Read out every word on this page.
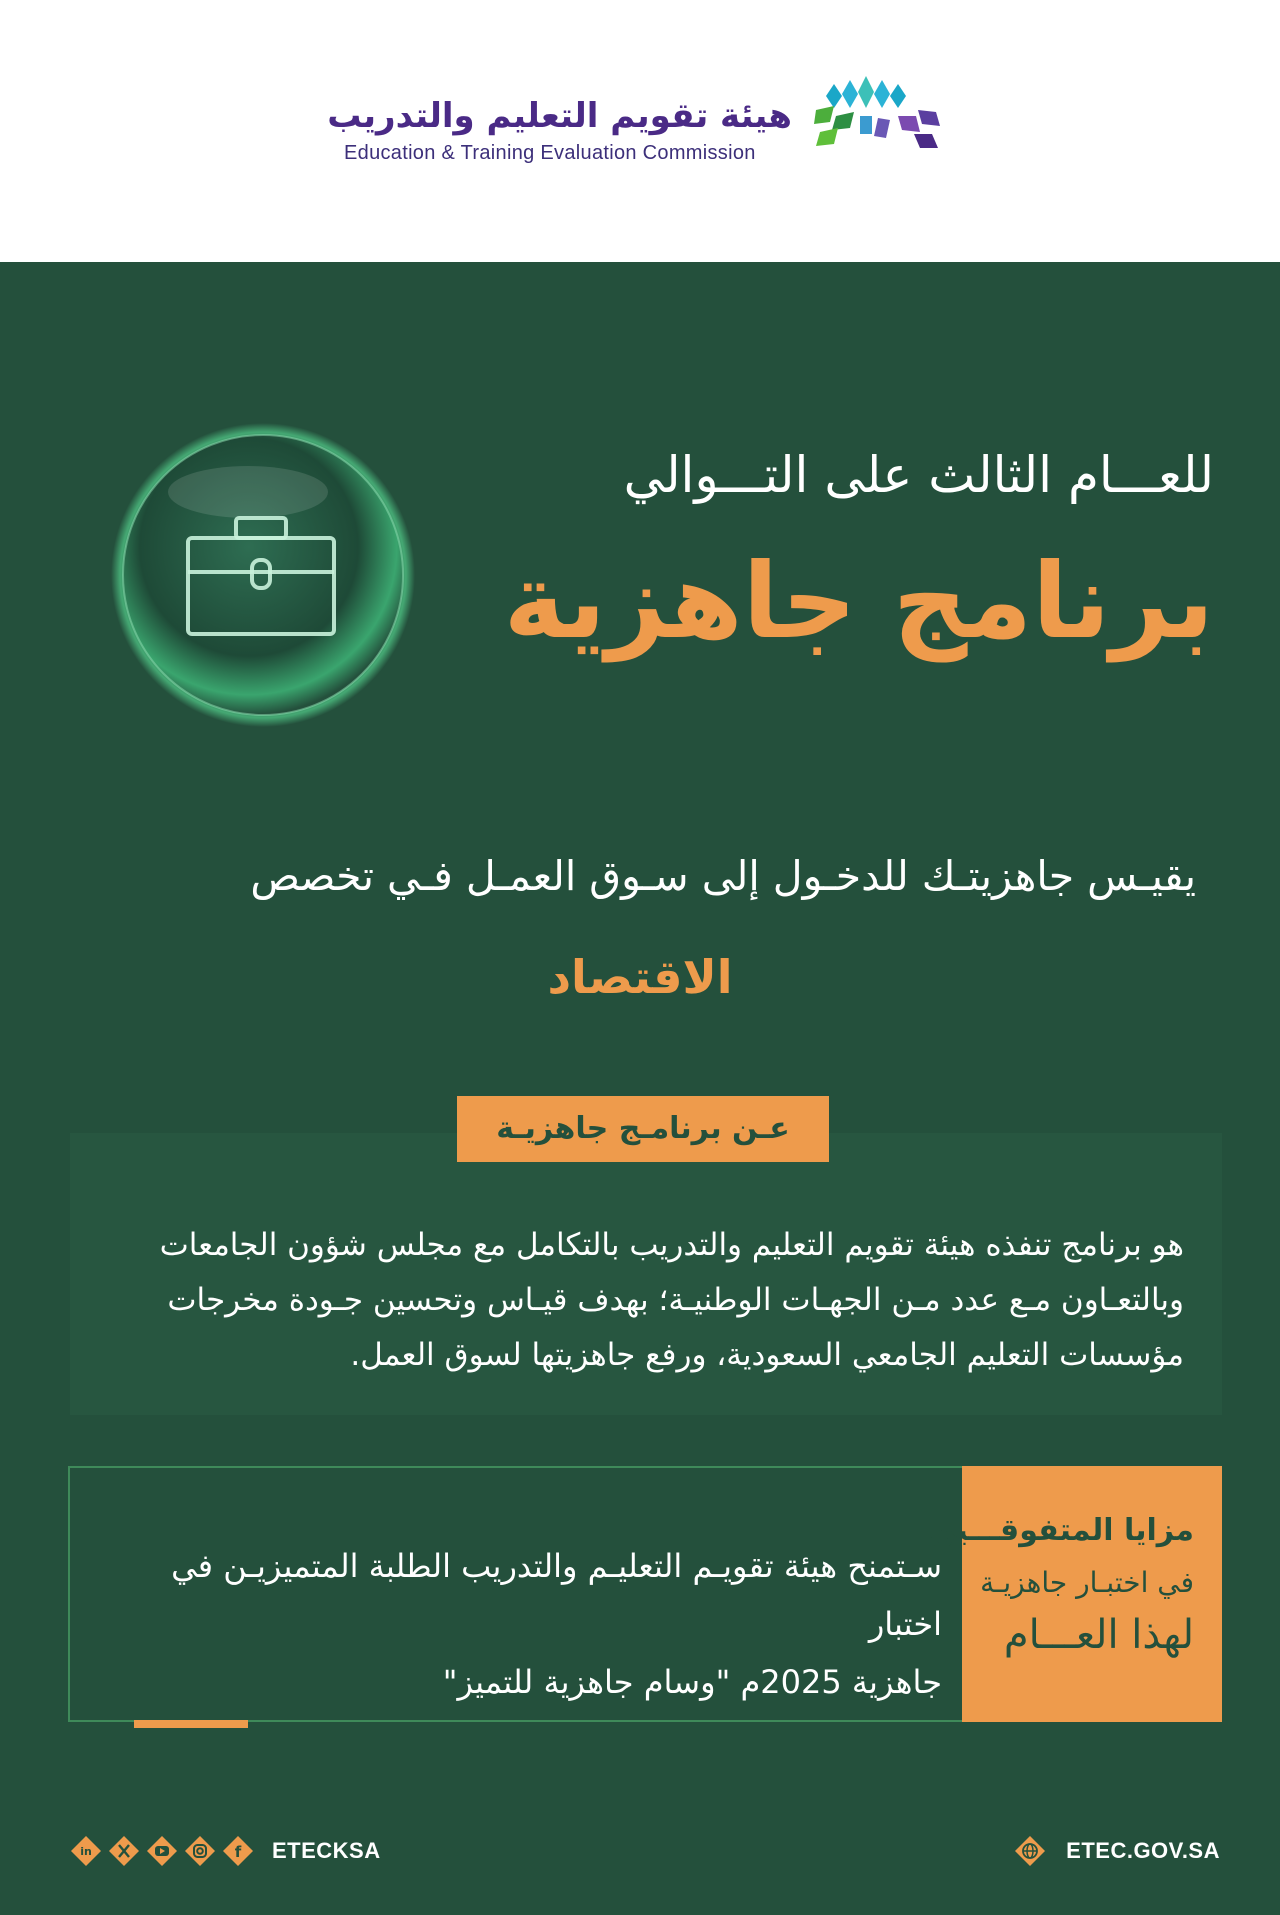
هيئة تقويم التعليم والتدريب
Education & Training Evaluation Commission
للعـــام الثالث على التـــوالي
برنامج جاهزية
يقيـس جاهزيتـك للدخـول إلى سـوق العمـل فـي تخصص
الاقتصاد
عـن برنامـج جاهزيـة
هو برنامج تنفذه هيئة تقويم التعليم والتدريب بالتكامل مع مجلس شؤون الجامعات وبالتعـاون مـع عدد مـن الجهـات الوطنيـة؛ بهدف قيـاس وتحسين جـودة مخرجات مؤسسات التعليم الجامعي السعودية، ورفع جاهزيتها لسوق العمل.
مزايا المتفوقـــين
في اختبـار جاهزيـة
لهذا العـــام
سـتمنح هيئة تقويـم التعليـم والتدريب الطلبة المتميزيـن في اختبار
جاهزية 2025م "وسام جاهزية للتميز"
in	f ETECKSA	ETEC.GOV.SA
